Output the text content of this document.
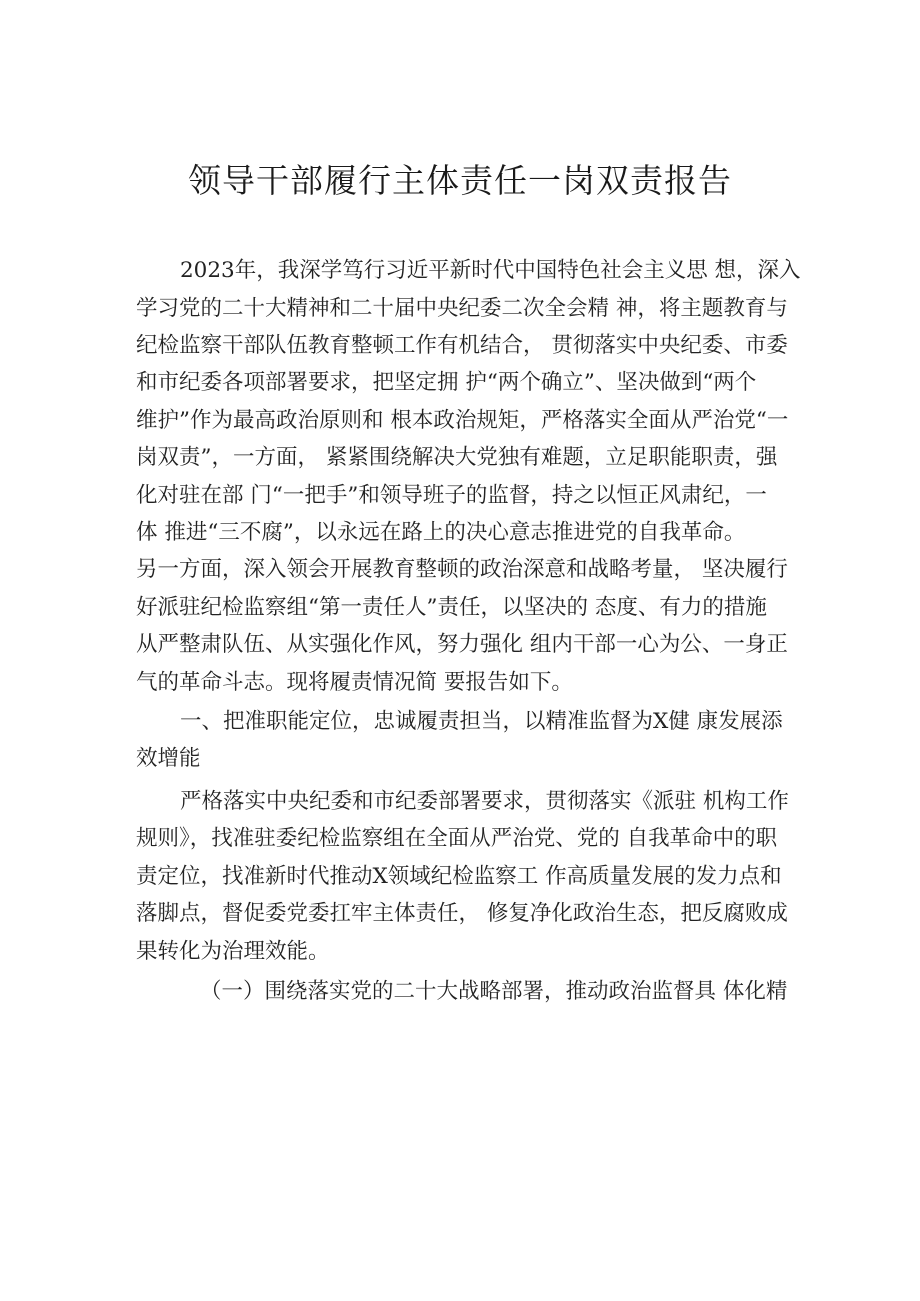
领导干部履行主体责任一岗双责报告
2023年，我深学笃行习近平新时代中国特色社会主义思 想，深入
学习党的二十大精神和二十届中央纪委二次全会精 神，将主题教育与
纪检监察干部队伍教育整顿工作有机结合， 贯彻落实中央纪委、市委
和市纪委各项部署要求，把坚定拥 护“两个确立”、坚决做到“两个
维护”作为最高政治原则和 根本政治规矩，严格落实全面从严治党“一
岗双责”，一方面， 紧紧围绕解决大党独有难题，立足职能职责，强
化对驻在部 门“一把手”和领导班子的监督，持之以恒正风肃纪，一
体 推进“三不腐”，以永远在路上的决心意志推进党的自我革命。
另一方面，深入领会开展教育整顿的政治深意和战略考量， 坚决履行
好派驻纪检监察组“第一责任人”责任，以坚决的 态度、有力的措施
从严整肃队伍、从实强化作风，努力强化 组内干部一心为公、一身正
气的革命斗志。现将履责情况简 要报告如下。
一、把准职能定位，忠诚履责担当，以精准监督为X健 康发展添
效增能
严格落实中央纪委和市纪委部署要求，贯彻落实《派驻 机构工作
规则》，找准驻委纪检监察组在全面从严治党、党的 自我革命中的职
责定位，找准新时代推动X领域纪检监察工 作高质量发展的发力点和
落脚点，督促委党委扛牢主体责任， 修复净化政治生态，把反腐败成
果转化为治理效能。
（一）围绕落实党的二十大战略部署，推动政治监督具 体化精
